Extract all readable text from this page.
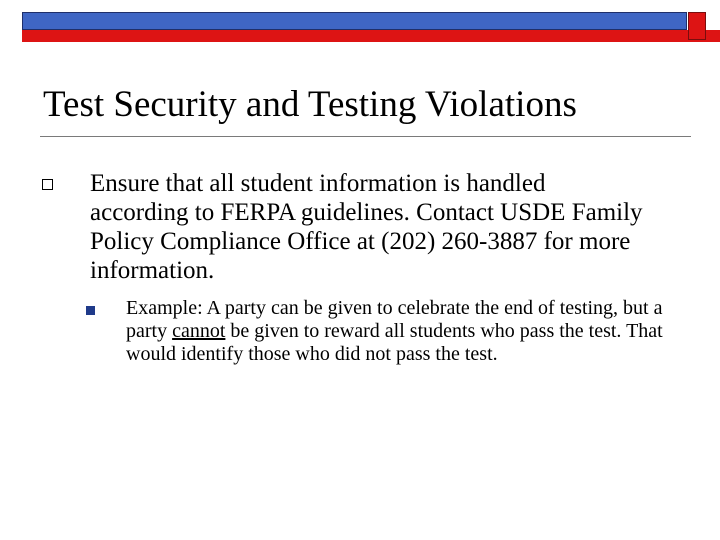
Test Security and Testing Violations

Ensure that all student information is handled according to FERPA guidelines. Contact USDE Family Policy Compliance Office at (202) 260-3887 for more information.

Example: A party can be given to celebrate the end of testing, but a party cannot be given to reward all students who pass the test. That would identify those who did not pass the test.
